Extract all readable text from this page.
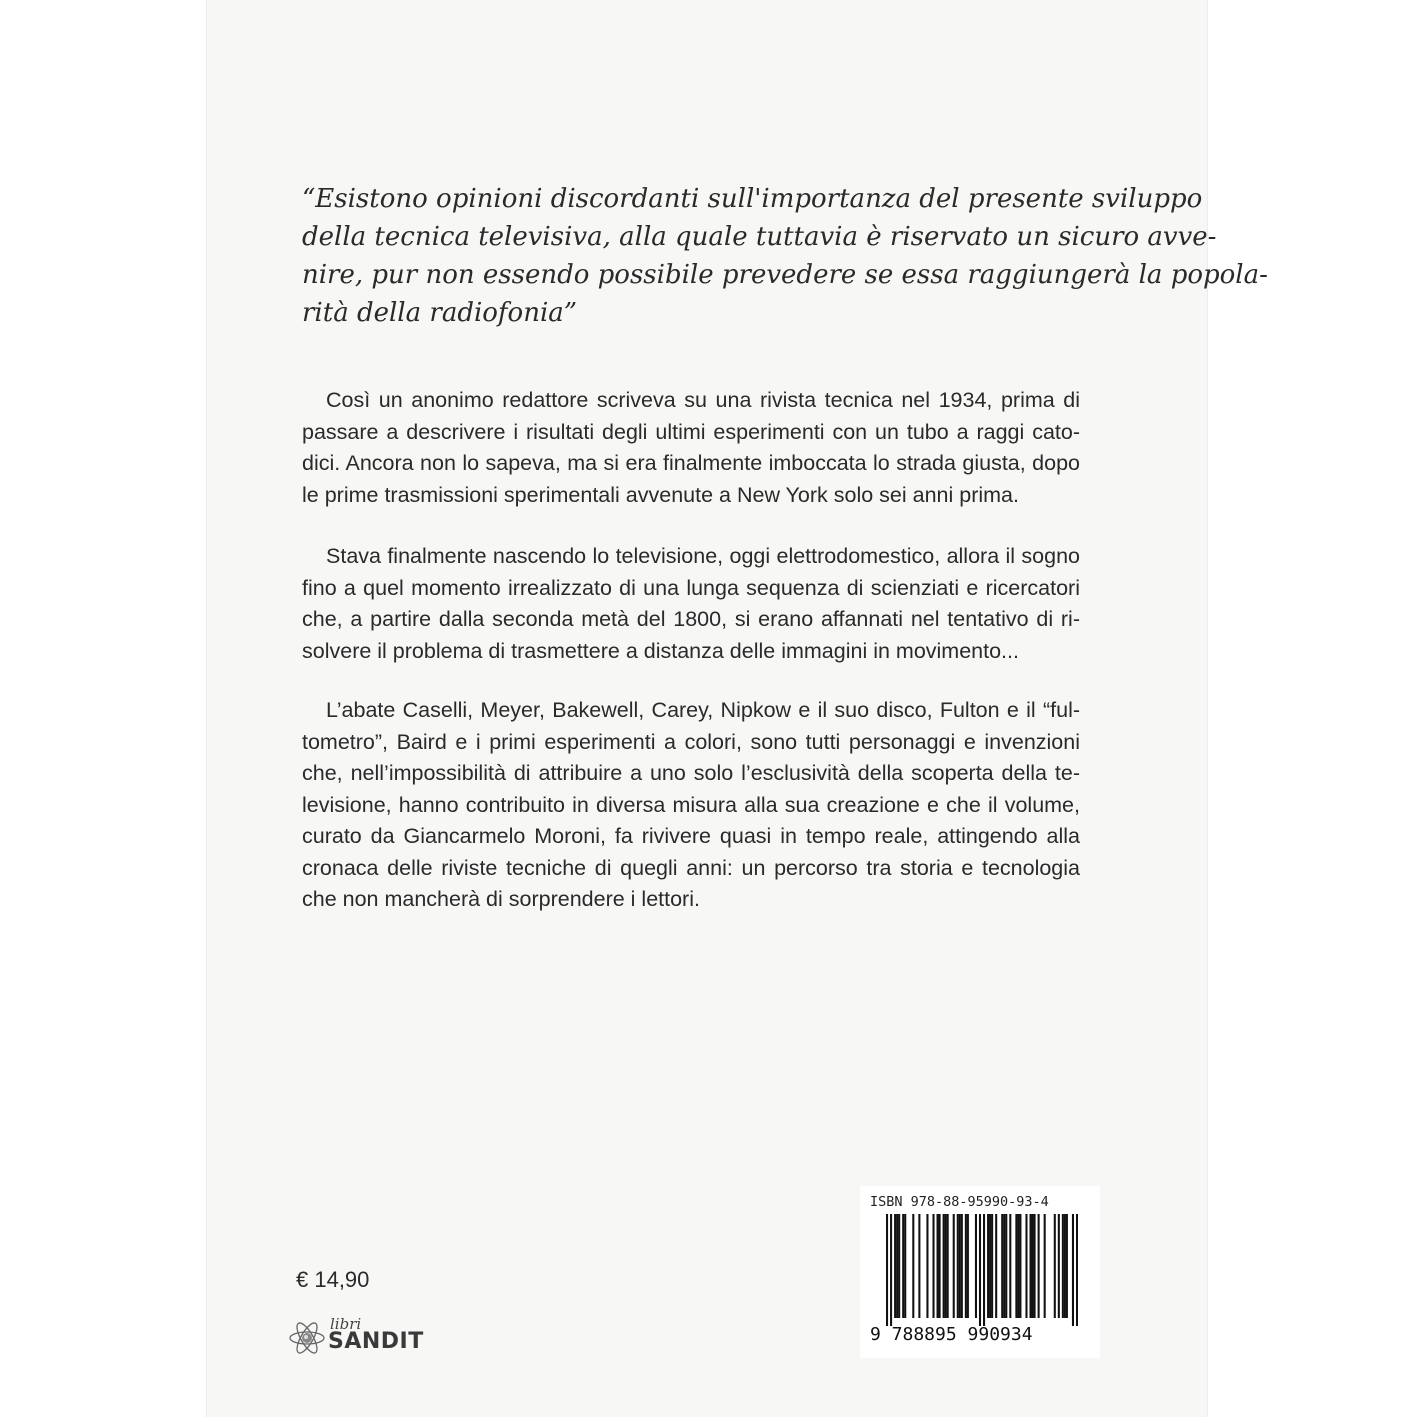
“Esistono opinioni discordanti sull'importanza del presente sviluppo
della tecnica televisiva, alla quale tuttavia è riservato un sicuro avve-
nire, pur non essendo possibile prevedere se essa raggiungerà la popola-
rità della radiofonia”
Così un anonimo redattore scriveva su una rivista tecnica nel 1934, prima di
passare a descrivere i risultati degli ultimi esperimenti con un tubo a raggi cato-
dici. Ancora non lo sapeva, ma si era finalmente imboccata lo strada giusta, dopo
le prime trasmissioni sperimentali avvenute a New York solo sei anni prima.
Stava finalmente nascendo lo televisione, oggi elettrodomestico, allora il sogno
fino a quel momento irrealizzato di una lunga sequenza di scienziati e ricercatori
che, a partire dalla seconda metà del 1800, si erano affannati nel tentativo di ri-
solvere il problema di trasmettere a distanza delle immagini in movimento...
L’abate Caselli, Meyer, Bakewell, Carey, Nipkow e il suo disco, Fulton e il “ful-
tometro”, Baird e i primi esperimenti a colori, sono tutti personaggi e invenzioni
che, nell’impossibilità di attribuire a uno solo l’esclusività della scoperta della te-
levisione, hanno contribuito in diversa misura alla sua creazione e che il volume,
curato da Giancarmelo Moroni, fa rivivere quasi in tempo reale, attingendo alla
cronaca delle riviste tecniche di quegli anni: un percorso tra storia e tecnologia
che non mancherà di sorprendere i lettori.
€ 14,90
libri
SANDIT
ISBN 978-88-95990-93-4
9 788895 990934
